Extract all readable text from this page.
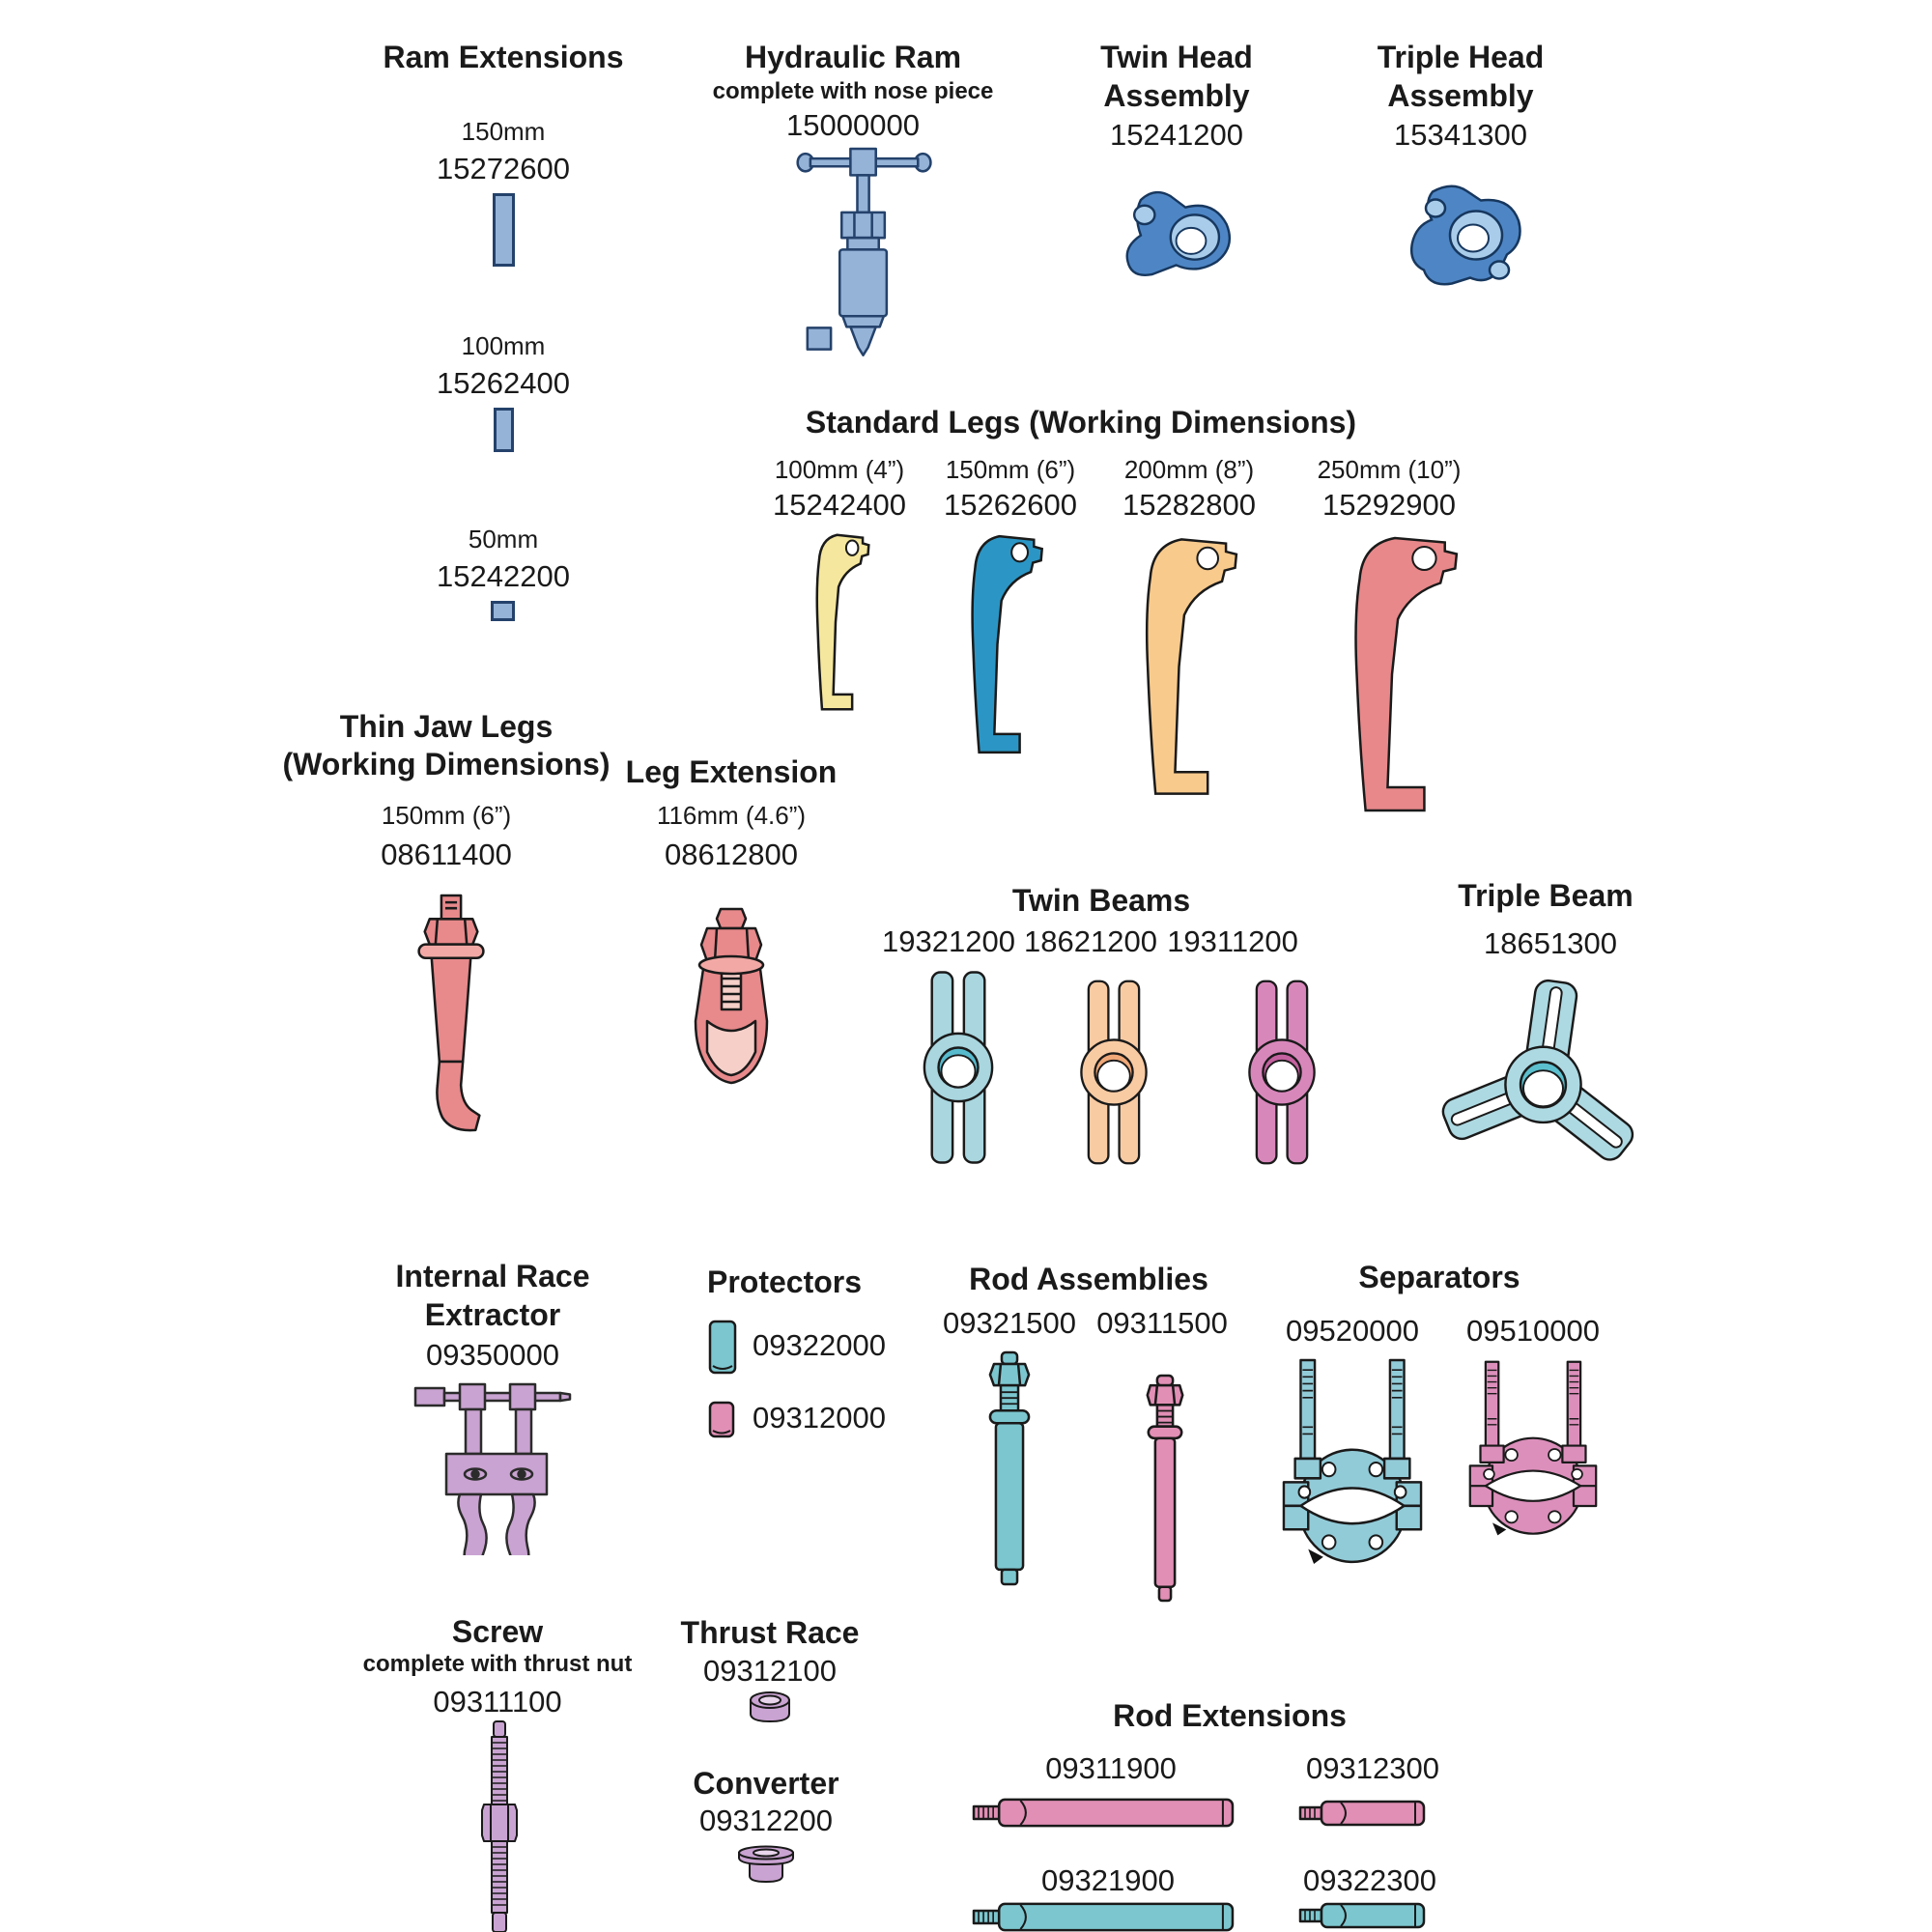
Ram Extensions
150mm
15272600
100mm
15262400
50mm
15242200
Hydraulic Ram
complete with nose piece
15000000
Twin Head
Assembly
15241200
Triple Head
Assembly
15341300
Standard Legs (Working Dimensions)
100mm (4”)
15242400
150mm (6”)
15262600
200mm (8”)
15282800
250mm (10”)
15292900
Thin Jaw Legs
(Working Dimensions)
150mm (6”)
08611400
Leg Extension
116mm (4.6”)
08612800
Twin Beams
19321200 18621200 19311200
Triple Beam
18651300
Internal Race
Extractor
09350000
Protectors
09322000
09312000
Rod Assemblies
09321500 09311500
Separators
09520000 09510000
Screw
complete with thrust nut
09311100
Thrust Race
09312100
Converter
09312200
Rod Extensions
09311900	09312300
09321900	09322300
